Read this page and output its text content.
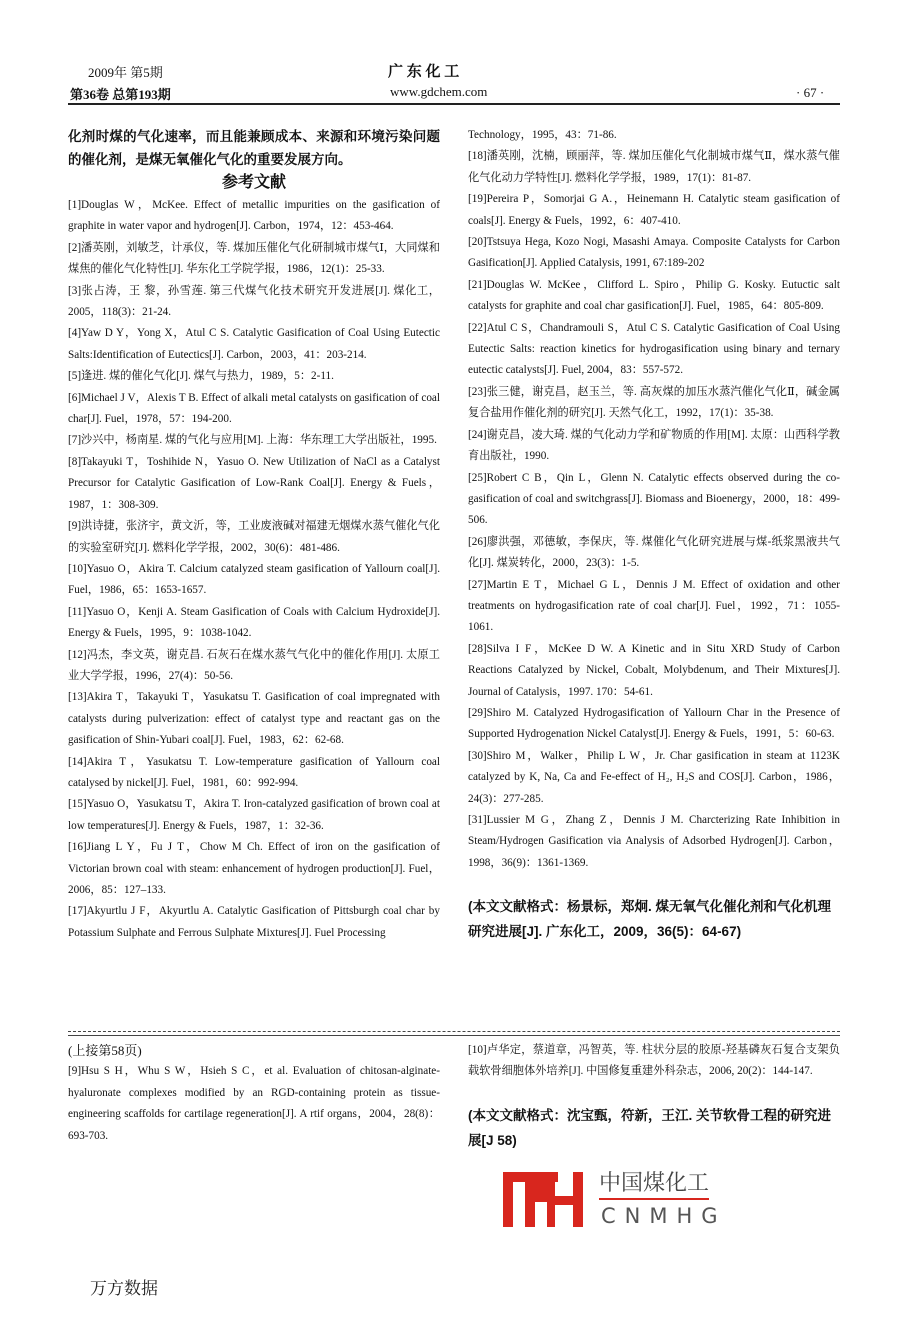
2009年 第5期
第36卷 总第193期
广 东 化 工
www.gdchem.com	· 67 ·

化剂时煤的气化速率，而且能兼顾成本、来源和环境污染问题的催化剂，是煤无氧催化气化的重要发展方向。

参考文献

[1]Douglas W，McKee. Effect of metallic impurities on the gasification of graphite in water vapor and hydrogen[J]. Carbon，1974，12：453-464.

[2]潘英刚，刘敏芝，计承仪，等. 煤加压催化气化研制城市煤气Ⅰ，大同煤和煤焦的催化气化特性[J]. 华东化工学院学报，1986，12(1)：25-33.

[3]张占涛，王 黎，孙雪莲. 第三代煤气化技术研究开发进展[J]. 煤化工，2005，118(3)：21-24.

[4]Yaw D Y，Yong X，Atul C S. Catalytic Gasification of Coal Using Eutectic Salts:Identification of Eutectics[J]. Carbon，2003，41：203-214.

[5]逢进. 煤的催化气化[J]. 煤气与热力，1989，5：2-11.

[6]Michael J V，Alexis T B. Effect of alkali metal catalysts on gasification of coal char[J]. Fuel，1978，57：194-200.

[7]沙兴中，杨南星. 煤的气化与应用[M]. 上海：华东理工大学出版社，1995.

[8]Takayuki T，Toshihide N，Yasuo O. New Utilization of NaCl as a Catalyst Precursor for Catalytic Gasification of Low-Rank Coal[J]. Energy & Fuels，1987，1：308-309.

[9]洪诗捷，张济宇，黄文沂，等，工业废液碱对福建无烟煤水蒸气催化气化的实验室研究[J]. 燃料化学学报，2002，30(6)：481-486.

[10]Yasuo O，Akira T. Calcium catalyzed steam gasification of Yallourn coal[J]. Fuel，1986，65：1653-1657.

[11]Yasuo O，Kenji A. Steam Gasification of Coals with Calcium Hydroxide[J]. Energy & Fuels，1995，9：1038-1042.

[12]冯杰，李文英，谢克昌. 石灰石在煤水蒸气气化中的催化作用[J]. 太原工业大学学报，1996，27(4)：50-56.

[13]Akira T，Takayuki T，Yasukatsu T. Gasification of coal impregnated with catalysts during pulverization: effect of catalyst type and reactant gas on the gasification of Shin-Yubari coal[J]. Fuel，1983，62：62-68.

[14]Akira T，Yasukatsu T. Low-temperature gasification of Yallourn coal catalysed by nickel[J]. Fuel，1981，60：992-994.

[15]Yasuo O，Yasukatsu T，Akira T. Iron-catalyzed gasification of brown coal at low temperatures[J]. Energy & Fuels，1987，1：32-36.

[16]Jiang L Y，Fu J T，Chow M Ch. Effect of iron on the gasification of Victorian brown coal with steam: enhancement of hydrogen production[J]. Fuel，2006，85：127–133.

[17]Akyurtlu J F，Akyurtlu A. Catalytic Gasification of Pittsburgh coal char by Potassium Sulphate and Ferrous Sulphate Mixtures[J]. Fuel Processing

Technology，1995，43：71-86.

[18]潘英刚，沈楠，顾丽萍，等. 煤加压催化气化制城市煤气Ⅱ，煤水蒸气催化气化动力学特性[J]. 燃料化学学报，1989，17(1)：81-87.

[19]Pereira P，Somorjai G A.，Heinemann H. Catalytic steam gasification of coals[J]. Energy & Fuels，1992，6：407-410.

[20]Tstsuya Hega, Kozo Nogi, Masashi Amaya. Composite Catalysts for Carbon Gasification[J]. Applied Catalysis, 1991, 67:189-202

[21]Douglas W. McKee，Clifford L. Spiro，Philip G. Kosky. Eutuctic salt catalysts for graphite and coal char gasification[J]. Fuel，1985，64：805-809.

[22]Atul C S，Chandramouli S，Atul C S. Catalytic Gasification of Coal Using Eutectic Salts: reaction kinetics for hydrogasification using binary and ternary eutectic catalysts[J]. Fuel, 2004，83：557-572.

[23]张三健，谢克昌，赵玉兰，等. 高灰煤的加压水蒸汽催化气化Ⅱ，碱金属复合盐用作催化剂的研究[J]. 天然气化工，1992，17(1)：35-38.

[24]谢克昌，凌大琦. 煤的气化动力学和矿物质的作用[M]. 太原：山西科学教育出版社，1990.

[25]Robert C B，Qin L，Glenn N. Catalytic effects observed during the co-gasification of coal and switchgrass[J]. Biomass and Bioenergy，2000，18：499-506.

[26]廖洪强，邓德敏，李保庆，等. 煤催化气化研究进展与煤-纸浆黑液共气化[J]. 煤炭转化，2000，23(3)：1-5.

[27]Martin E T，Michael G L，Dennis J M. Effect of oxidation and other treatments on hydrogasification rate of coal char[J]. Fuel，1992，71：1055-1061.

[28]Silva I F，McKee D W. A Kinetic and in Situ XRD Study of Carbon Reactions Catalyzed by Nickel, Cobalt, Molybdenum, and Their Mixtures[J]. Journal of Catalysis，1997. 170：54-61.

[29]Shiro M. Catalyzed Hydrogasification of Yallourn Char in the Presence of Supported Hydrogenation Nickel Catalyst[J]. Energy & Fuels，1991，5：60-63.

[30]Shiro M，Walker，Philip L W，Jr. Char gasification in steam at 1123K catalyzed by K, Na, Ca and Fe-effect of H₂, H₂S and COS[J]. Carbon，1986，24(3)：277-285.

[31]Lussier M G，Zhang Z，Dennis J M. Charcterizing Rate Inhibition in Steam/Hydrogen Gasification via Analysis of Adsorbed Hydrogen[J]. Carbon，1998，36(9)：1361-1369.

(本文文献格式：杨景标，郑炯. 煤无氧气化催化剂和气化机理研究进展[J]. 广东化工，2009，36(5)：64-67)

(上接第58页)

[9]Hsu S H，Whu S W，Hsieh S C，et al. Evaluation of chitosan-alginate-hyaluronate complexes modified by an RGD-containing protein as tissue-engineering scaffolds for cartilage regeneration[J]. A rtif organs，2004，28(8)：693-703.

[10]卢华定，蔡道章，冯智英，等. 柱状分层的胶原-羟基磷灰石复合支架负载软骨细胞体外培养[J]. 中国修复重建外科杂志，2006, 20(2)：144-147.

(本文文献格式：沈宝甄，符新，王江. 关节软骨工程的研究进展[J 58)

中国煤化工
CNMHG
万方数据
